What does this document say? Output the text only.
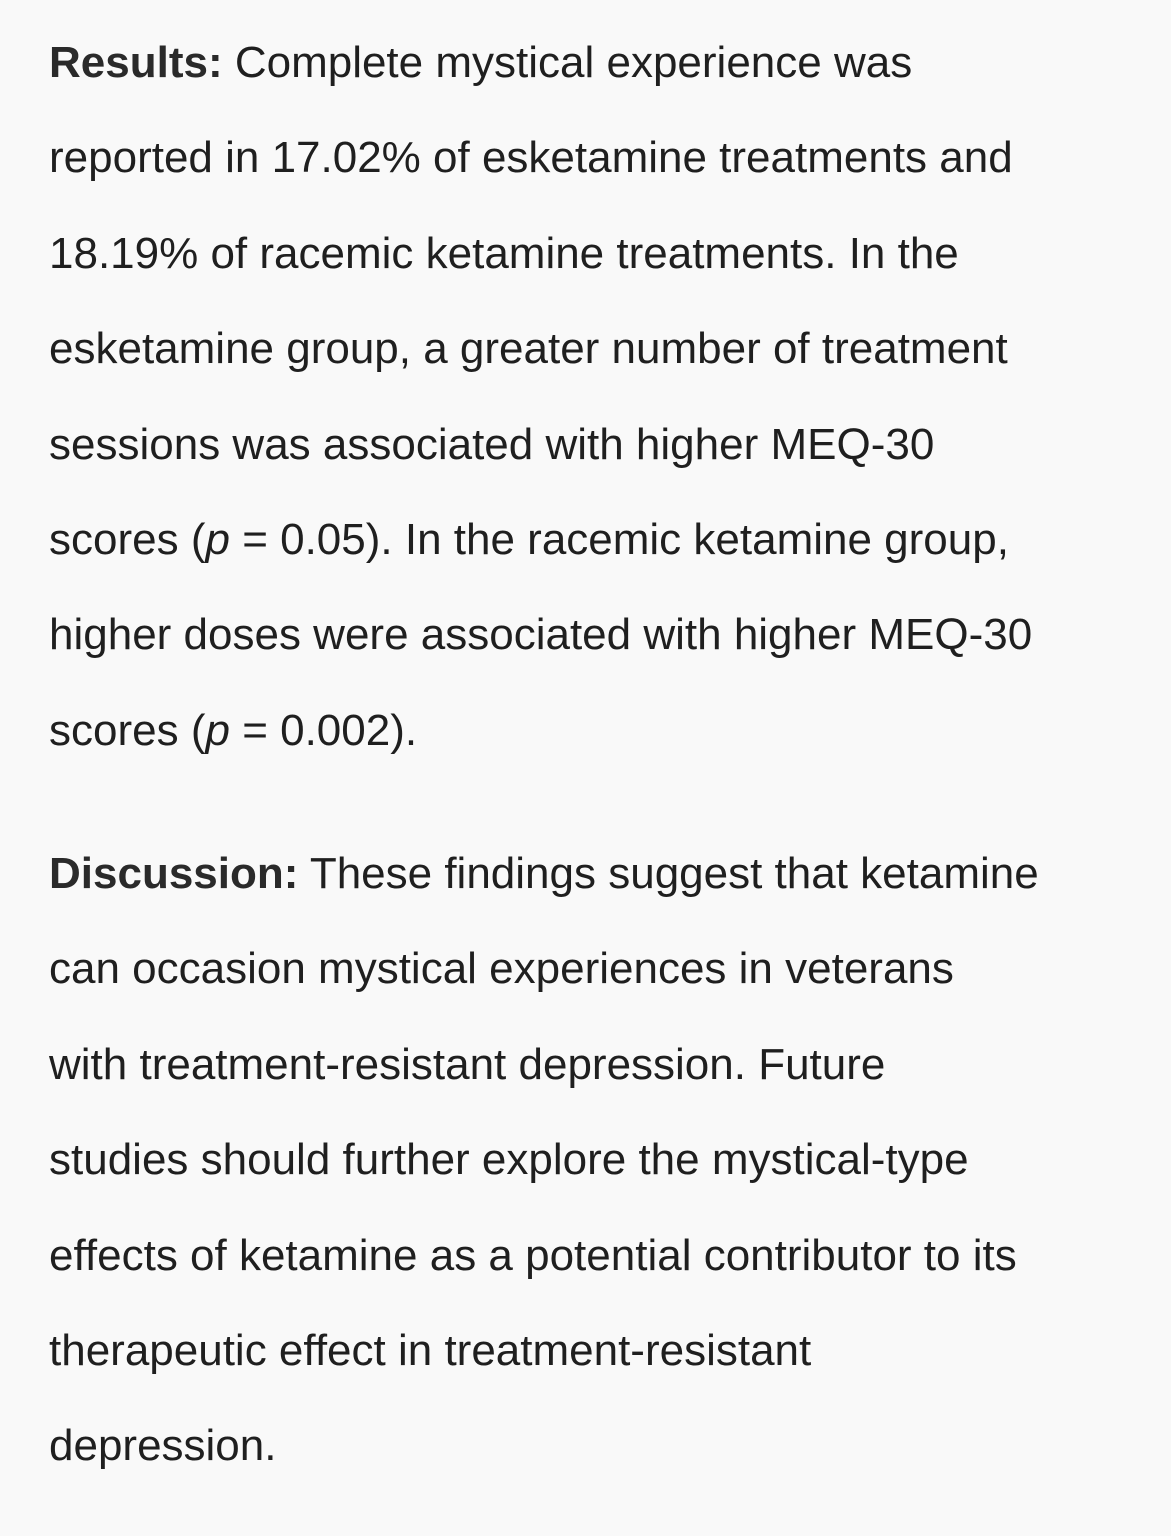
Results: Complete mystical experience was
reported in 17.02% of esketamine treatments and
18.19% of racemic ketamine treatments. In the
esketamine group, a greater number of treatment
sessions was associated with higher MEQ-30
scores (p = 0.05). In the racemic ketamine group,
higher doses were associated with higher MEQ-30
scores (p = 0.002).

Discussion: These findings suggest that ketamine
can occasion mystical experiences in veterans
with treatment-resistant depression. Future
studies should further explore the mystical-type
effects of ketamine as a potential contributor to its
therapeutic effect in treatment-resistant
depression.
